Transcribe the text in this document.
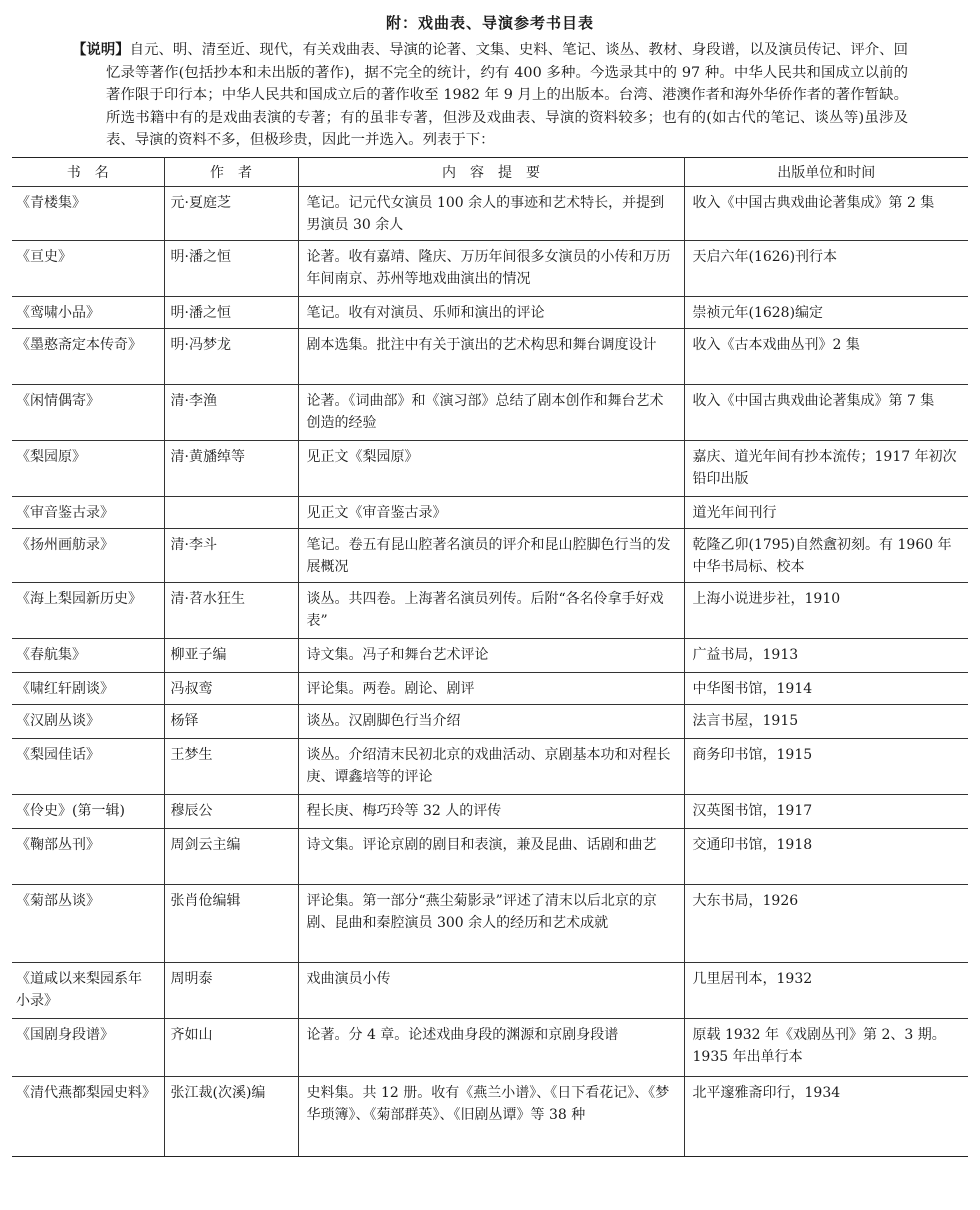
附：戏曲表、导演参考书目表
【说明】自元、明、清至近、现代，有关戏曲表、导演的论著、文集、史料、笔记、谈丛、教材、身段谱，以及演员传记、评介、回忆录等著作(包括抄本和未出版的著作)，据不完全的统计，约有 400 多种。今选录其中的 97 种。中华人民共和国成立以前的著作限于印行本；中华人民共和国成立后的著作收至 1982 年 9 月上的出版本。台湾、港澳作者和海外华侨作者的著作暂缺。所选书籍中有的是戏曲表演的专著；有的虽非专著，但涉及戏曲表、导演的资料较多；也有的(如古代的笔记、谈丛等)虽涉及表、导演的资料不多，但极珍贵，因此一并选入。列表于下：
书　名	作　者	内　容　提　要	出版单位和时间
《青楼集》	元·夏庭芝	笔记。记元代女演员 100 余人的事迹和艺术特长，并提到男演员 30 余人	收入《中国古典戏曲论著集成》第 2 集
《亘史》	明·潘之恒	论著。收有嘉靖、隆庆、万历年间很多女演员的小传和万历年间南京、苏州等地戏曲演出的情况	天启六年(1626)刊行本
《鸾啸小品》	明·潘之恒	笔记。收有对演员、乐师和演出的评论	崇祯元年(1628)编定
《墨憨斋定本传奇》	明·冯梦龙	剧本选集。批注中有关于演出的艺术构思和舞台调度设计	收入《古本戏曲丛刊》2 集
《闲情偶寄》	清·李渔	论著。《词曲部》和《演习部》总结了剧本创作和舞台艺术创造的经验	收入《中国古典戏曲论著集成》第 7 集
《梨园原》	清·黄旙绰等	见正文《梨园原》	嘉庆、道光年间有抄本流传；1917 年初次铅印出版
《审音鉴古录》		见正文《审音鉴古录》	道光年间刊行
《扬州画舫录》	清·李斗	笔记。卷五有昆山腔著名演员的评介和昆山腔脚色行当的发展概况	乾隆乙卯(1795)自然盦初刻。有 1960 年中华书局标、校本
《海上梨园新历史》	清·苕水狂生	谈丛。共四卷。上海著名演员列传。后附“各名伶拿手好戏表”	上海小说进步社，1910
《春航集》	柳亚子编	诗文集。冯子和舞台艺术评论	广益书局，1913
《啸红轩剧谈》	冯叔鸾	评论集。两卷。剧论、剧评	中华图书馆，1914
《汉剧丛谈》	杨铎	谈丛。汉剧脚色行当介绍	法言书屋，1915
《梨园佳话》	王梦生	谈丛。介绍清末民初北京的戏曲活动、京剧基本功和对程长庚、谭鑫培等的评论	商务印书馆，1915
《伶史》(第一辑)	穆辰公	程长庚、梅巧玲等 32 人的评传	汉英图书馆，1917
《鞠部丛刊》	周剑云主编	诗文集。评论京剧的剧目和表演，兼及昆曲、话剧和曲艺	交通印书馆，1918
《菊部丛谈》	张肖伧编辑	评论集。第一部分“燕尘菊影录”评述了清末以后北京的京剧、昆曲和秦腔演员 300 余人的经历和艺术成就	大东书局，1926
《道咸以来梨园系年小录》	周明泰	戏曲演员小传	几里居刊本，1932
《国剧身段谱》	齐如山	论著。分 4 章。论述戏曲身段的渊源和京剧身段谱	原载 1932 年《戏剧丛刊》第 2、3 期。1935 年出单行本
《清代燕都梨园史料》	张江裁(次溪)编	史料集。共 12 册。收有《燕兰小谱》、《日下看花记》、《梦华琐簿》、《菊部群英》、《旧剧丛谭》等 38 种	北平邃雅斋印行，1934
